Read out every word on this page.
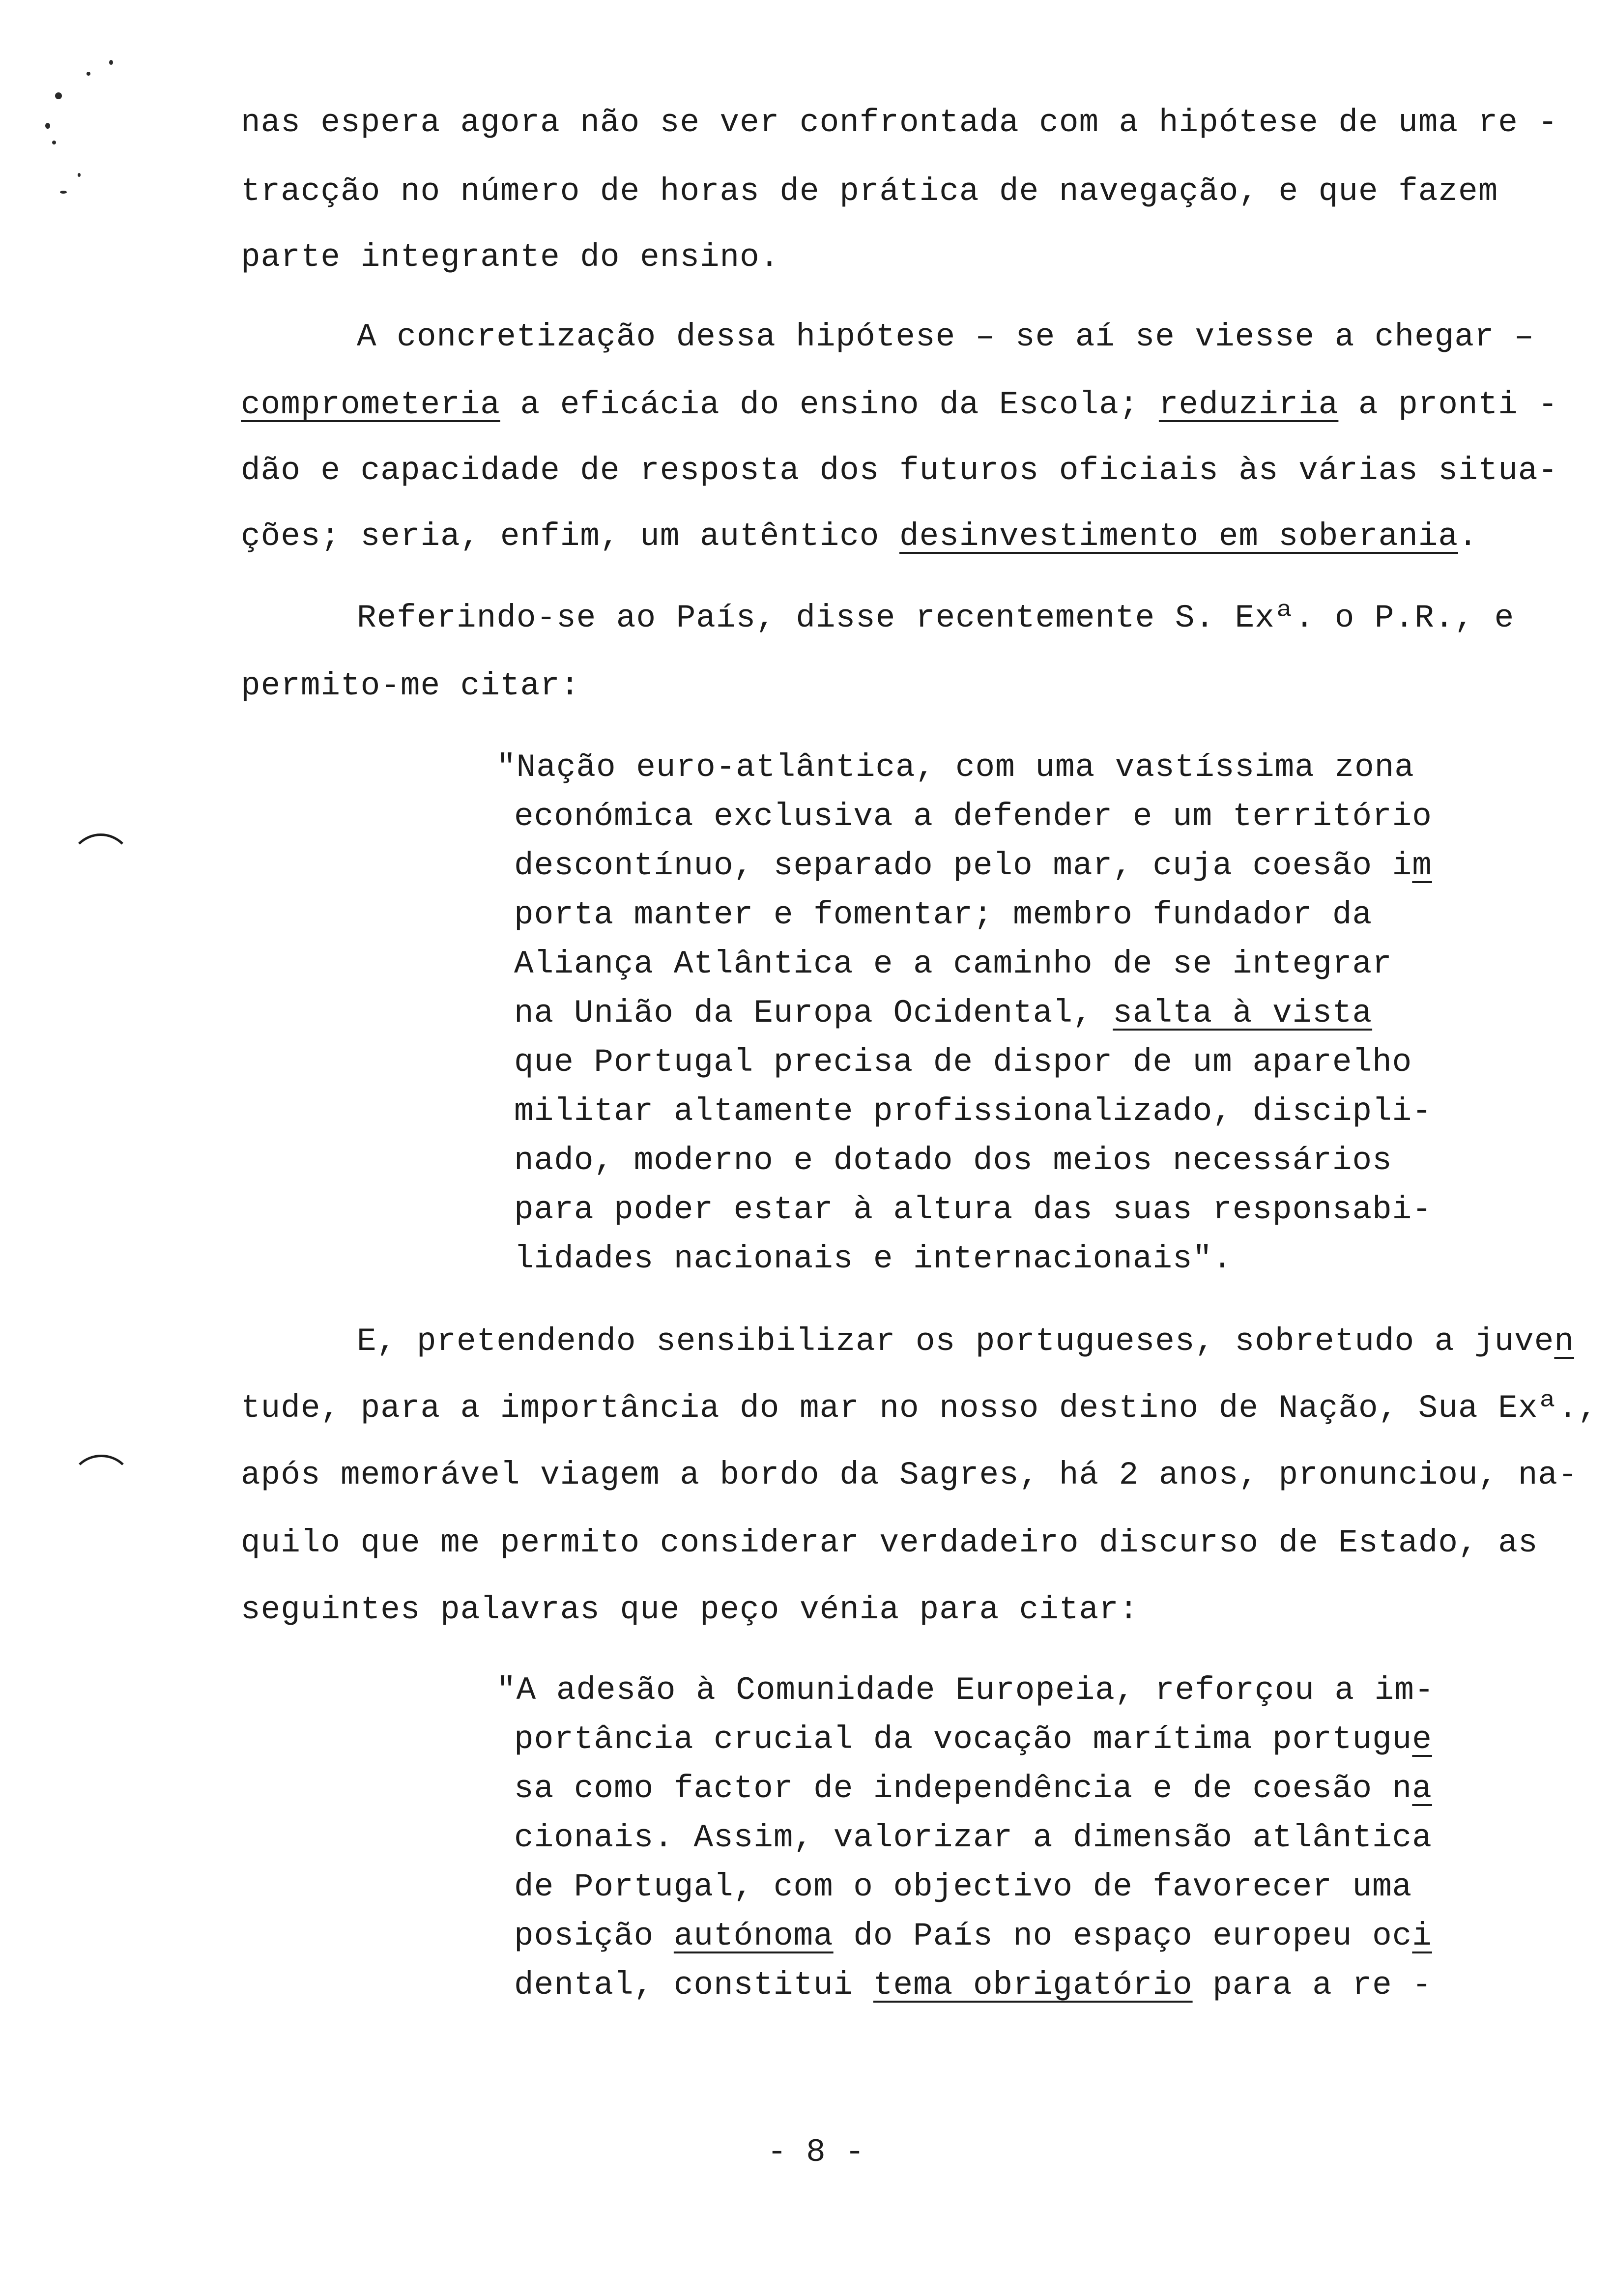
nas espera agora não se ver confrontada com a hipótese de uma re -
tracção no número de horas de prática de navegação, e que fazem
parte integrante do ensino.
A concretização dessa hipótese – se aí se viesse a chegar –
comprometeria a eficácia do ensino da Escola; reduziria a pronti -
dão e capacidade de resposta dos futuros oficiais às várias situa-
ções; seria, enfim, um autêntico desinvestimento em soberania.
Referindo-se ao País, disse recentemente S. Exª. o P.R., e
permito-me citar:
"Nação euro-atlântica, com uma vastíssima zona
económica exclusiva a defender e um território
descontínuo, separado pelo mar, cuja coesão im
porta manter e fomentar; membro fundador da
Aliança Atlântica e a caminho de se integrar
na União da Europa Ocidental, salta à vista
que Portugal precisa de dispor de um aparelho
militar altamente profissionalizado, discipli-
nado, moderno e dotado dos meios necessários
para poder estar à altura das suas responsabi-
lidades nacionais e internacionais".
E, pretendendo sensibilizar os portugueses, sobretudo a juven
tude, para a importância do mar no nosso destino de Nação, Sua Exª.,
após memorável viagem a bordo da Sagres, há 2 anos, pronunciou, na-
quilo que me permito considerar verdadeiro discurso de Estado, as
seguintes palavras que peço vénia para citar:
"A adesão à Comunidade Europeia, reforçou a im-
portância crucial da vocação marítima portugue
sa como factor de independência e de coesão na
cionais. Assim, valorizar a dimensão atlântica
de Portugal, com o objectivo de favorecer uma
posição autónoma do País no espaço europeu oci
dental, constitui tema obrigatório para a re -
- 8 -
